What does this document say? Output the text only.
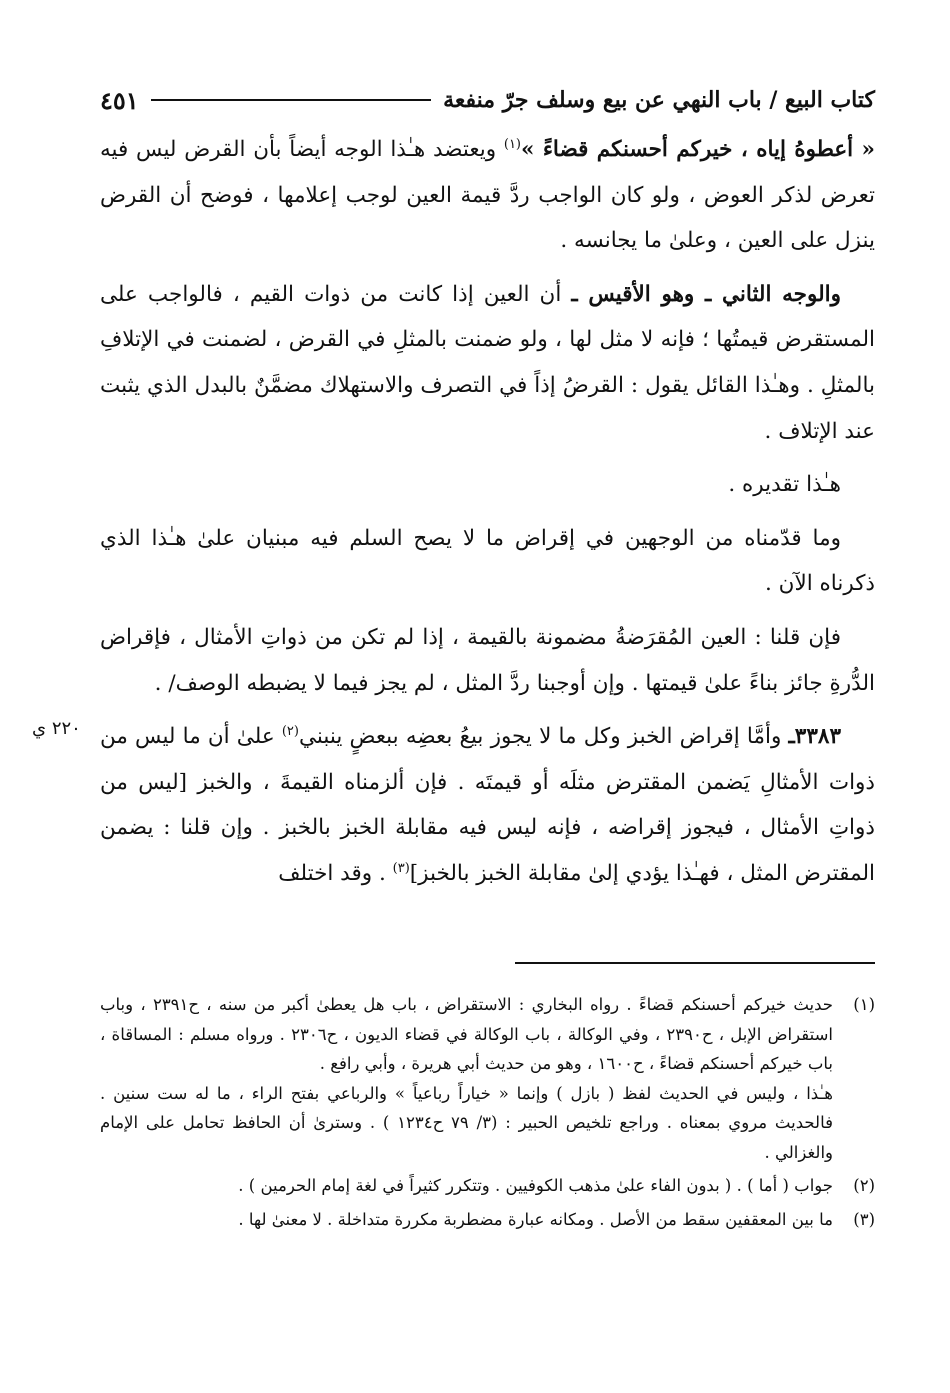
كتاب البيع / باب النهي عن بيع وسلف جرّ منفعة
٤٥١
٢٢٠ ي

« أعطوهُ إياه ، خيركم أحسنكم قضاءً »$^{(١)}$ ويعتضد هـٰذا الوجه أيضاً بأن القرض ليس فيه تعرض لذكر العوض ، ولو كان الواجب ردَّ قيمة العين لوجب إعلامها ، فوضح أن القرض ينزل على العين ، وعلىٰ ما يجانسه .

والوجه الثاني ـ وهو الأقيس ـ أن العين إذا كانت من ذوات القيم ، فالواجب على المستقرض قيمتُها ؛ فإنه لا مثل لها ، ولو ضمنت بالمثلِ في القرض ، لضمنت في الإتلافِ بالمثلِ . وهـٰذا القائل يقول : القرضُ إذاً في التصرف والاستهلاك مضمَّنٌ بالبدل الذي يثبت عند الإتلاف .

هـٰذا تقديره .

وما قدّمناه من الوجهين في إقراض ما لا يصح السلم فيه مبنيان علىٰ هـٰذا الذي ذكرناه الآن .

فإن قلنا : العين المُقرَضةُ مضمونة بالقيمة ، إذا لم تكن من ذواتِ الأمثال ، فإقراض الدُّرةِ جائز بناءً علىٰ قيمتها . وإن أوجبنا ردَّ المثل ، لم يجز فيما لا يضبطه الوصف/ .

٣٣٨٣ـ وأمَّا إقراض الخبز وكل ما لا يجوز بيعُ بعضِه ببعضٍ ينبني$^{(٢)}$ علىٰ أن ما ليس من ذوات الأمثالِ يَضمن المقترض مثلَه أو قيمتَه . فإن ألزمناه القيمةَ ، والخبز [ليس من ذواتِ الأمثال ، فيجوز إقراضه ، فإنه ليس فيه مقابلة الخبز بالخبز . وإن قلنا : يضمن المقترض المثل ، فهـٰذا يؤدي إلىٰ مقابلة الخبز بالخبز]$^{(٣)}$ . وقد اختلف

(١)

حديث خيركم أحسنكم قضاءً . رواه البخاري : الاستقراض ، باب هل يعطىٰ أكبر من سنه ، ح٢٣٩١ ، وباب استقراض الإبل ، ح٢٣٩٠ ، وفي الوكالة ، باب الوكالة في قضاء الديون ، ح٢٣٠٦ . ورواه مسلم : المساقاة ، باب خيركم أحسنكم قضاءً ، ح١٦٠٠ ، وهو من حديث أبي هريرة ، وأبي رافع .

هـٰذا ، وليس في الحديث لفظ ( بازل ) وإنما « خياراً رباعياً » والرباعي بفتح الراء ، ما له ست سنين . فالحديث مروي بمعناه . وراجع تلخيص الحبير : (٣/ ٧٩ ح١٢٣٤ ) . وسترىٰ أن الحافظ تحامل على الإمام والغزالي .

(٢)
جواب ( أما ) . ( بدون الفاء علىٰ مذهب الكوفيين . وتتكرر كثيراً في لغة إمام الحرمين ) .
(٣)
ما بين المعقفين سقط من الأصل . ومكانه عبارة مضطربة مكررة متداخلة . لا معنىٰ لها .
